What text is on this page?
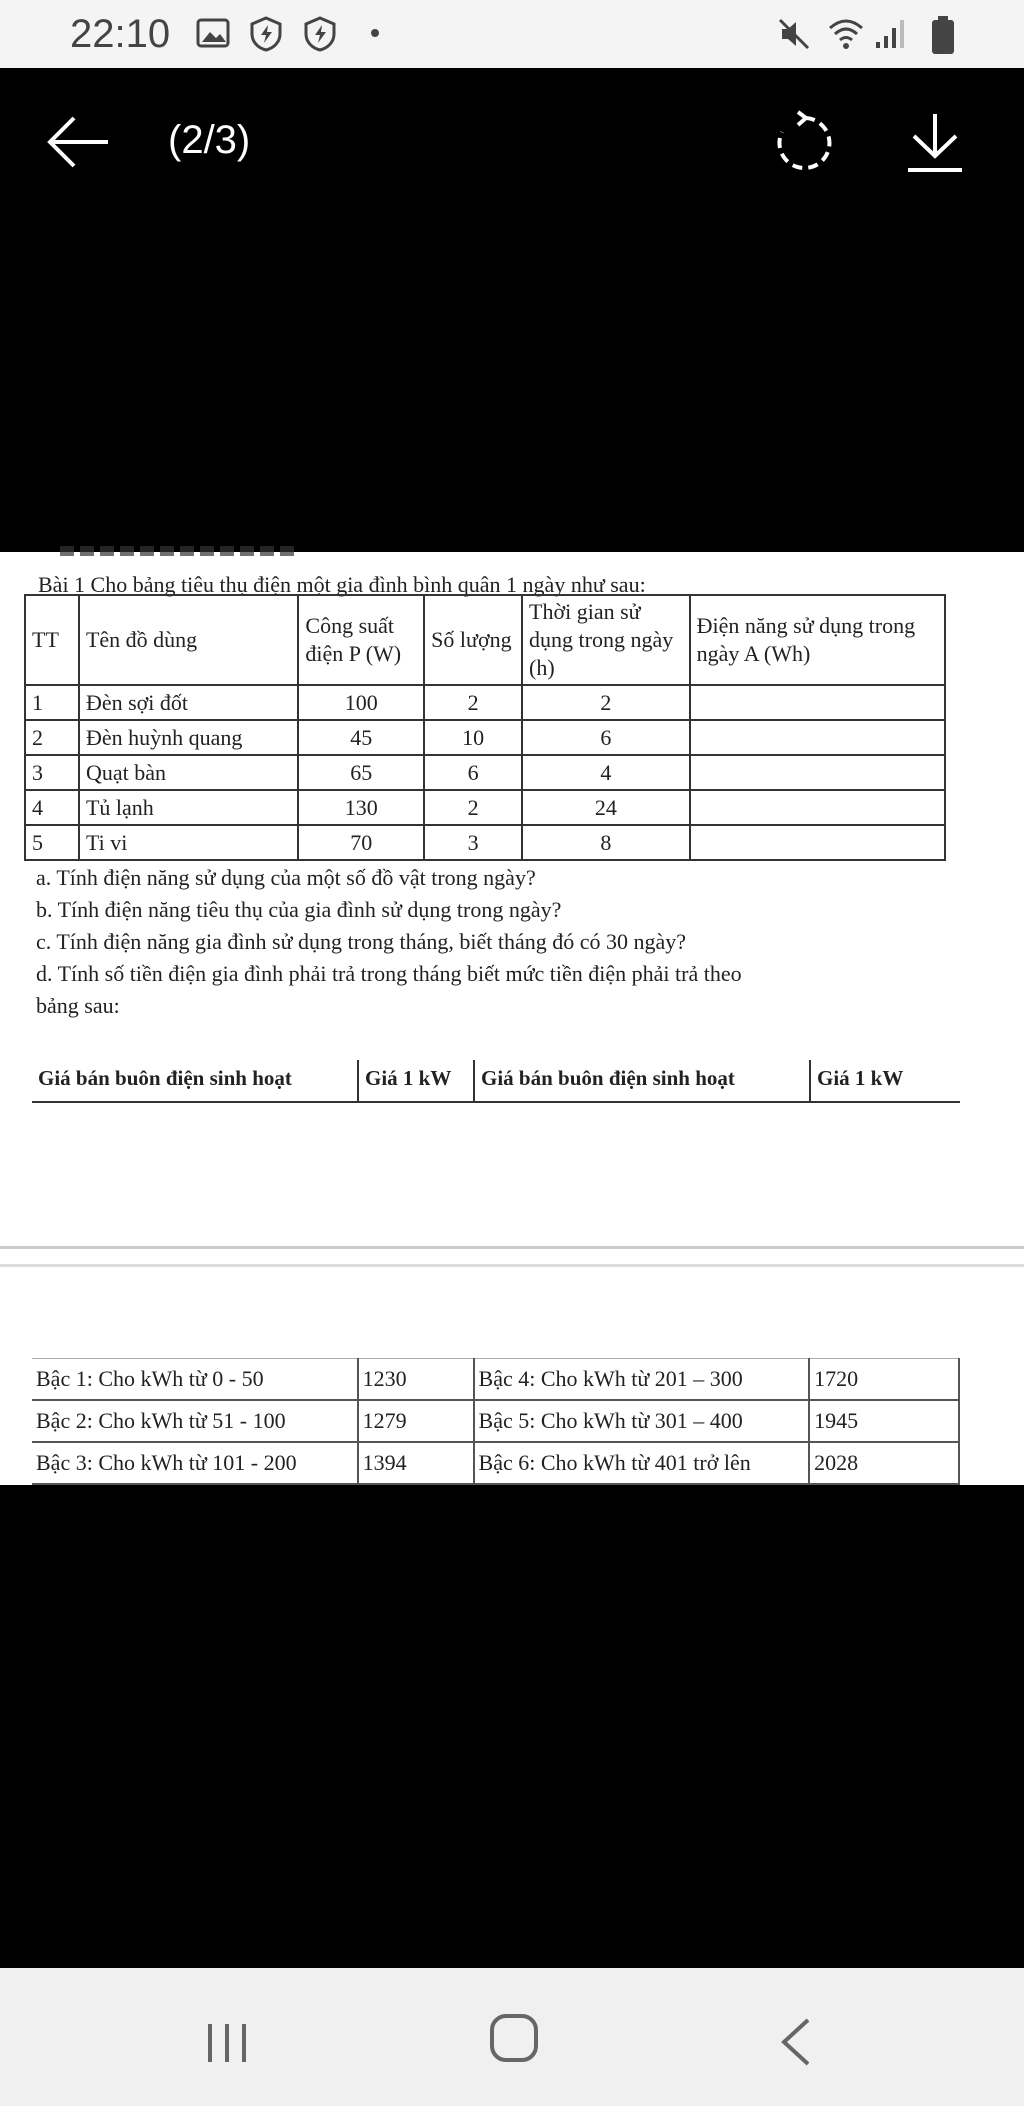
22:10
(2/3)
Bài 1 Cho bảng tiêu thụ điện một gia đình bình quân 1 ngày như sau:
TT	Tên đồ dùng	Công suất điện P (W)	Số lượng	Thời gian sử dụng trong ngày (h)	Điện năng sử dụng trong ngày A (Wh)
1	Đèn sợi đốt	100	2	2	
2	Đèn huỳnh quang	45	10	6	
3	Quạt bàn	65	6	4	
4	Tủ lạnh	130	2	24	
5	Ti vi	70	3	8	
a. Tính điện năng sử dụng của một số đồ vật trong ngày?
b. Tính điện năng tiêu thụ của gia đình sử dụng trong ngày?
c. Tính điện năng gia đình sử dụng trong tháng, biết tháng đó có 30 ngày?
d. Tính số tiền điện gia đình phải trả trong tháng biết mức tiền điện phải trả theo
bảng sau:
Giá bán buôn điện sinh hoạt	Giá 1 kW	Giá bán buôn điện sinh hoạt	Giá 1 kW
Bậc 1: Cho kWh từ 0 - 50	1230	Bậc 4: Cho kWh từ 201 – 300	1720
Bậc 2: Cho kWh từ 51 - 100	1279	Bậc 5: Cho kWh từ 301 – 400	1945
Bậc 3: Cho kWh từ 101 - 200	1394	Bậc 6: Cho kWh từ 401 trở lên	2028
